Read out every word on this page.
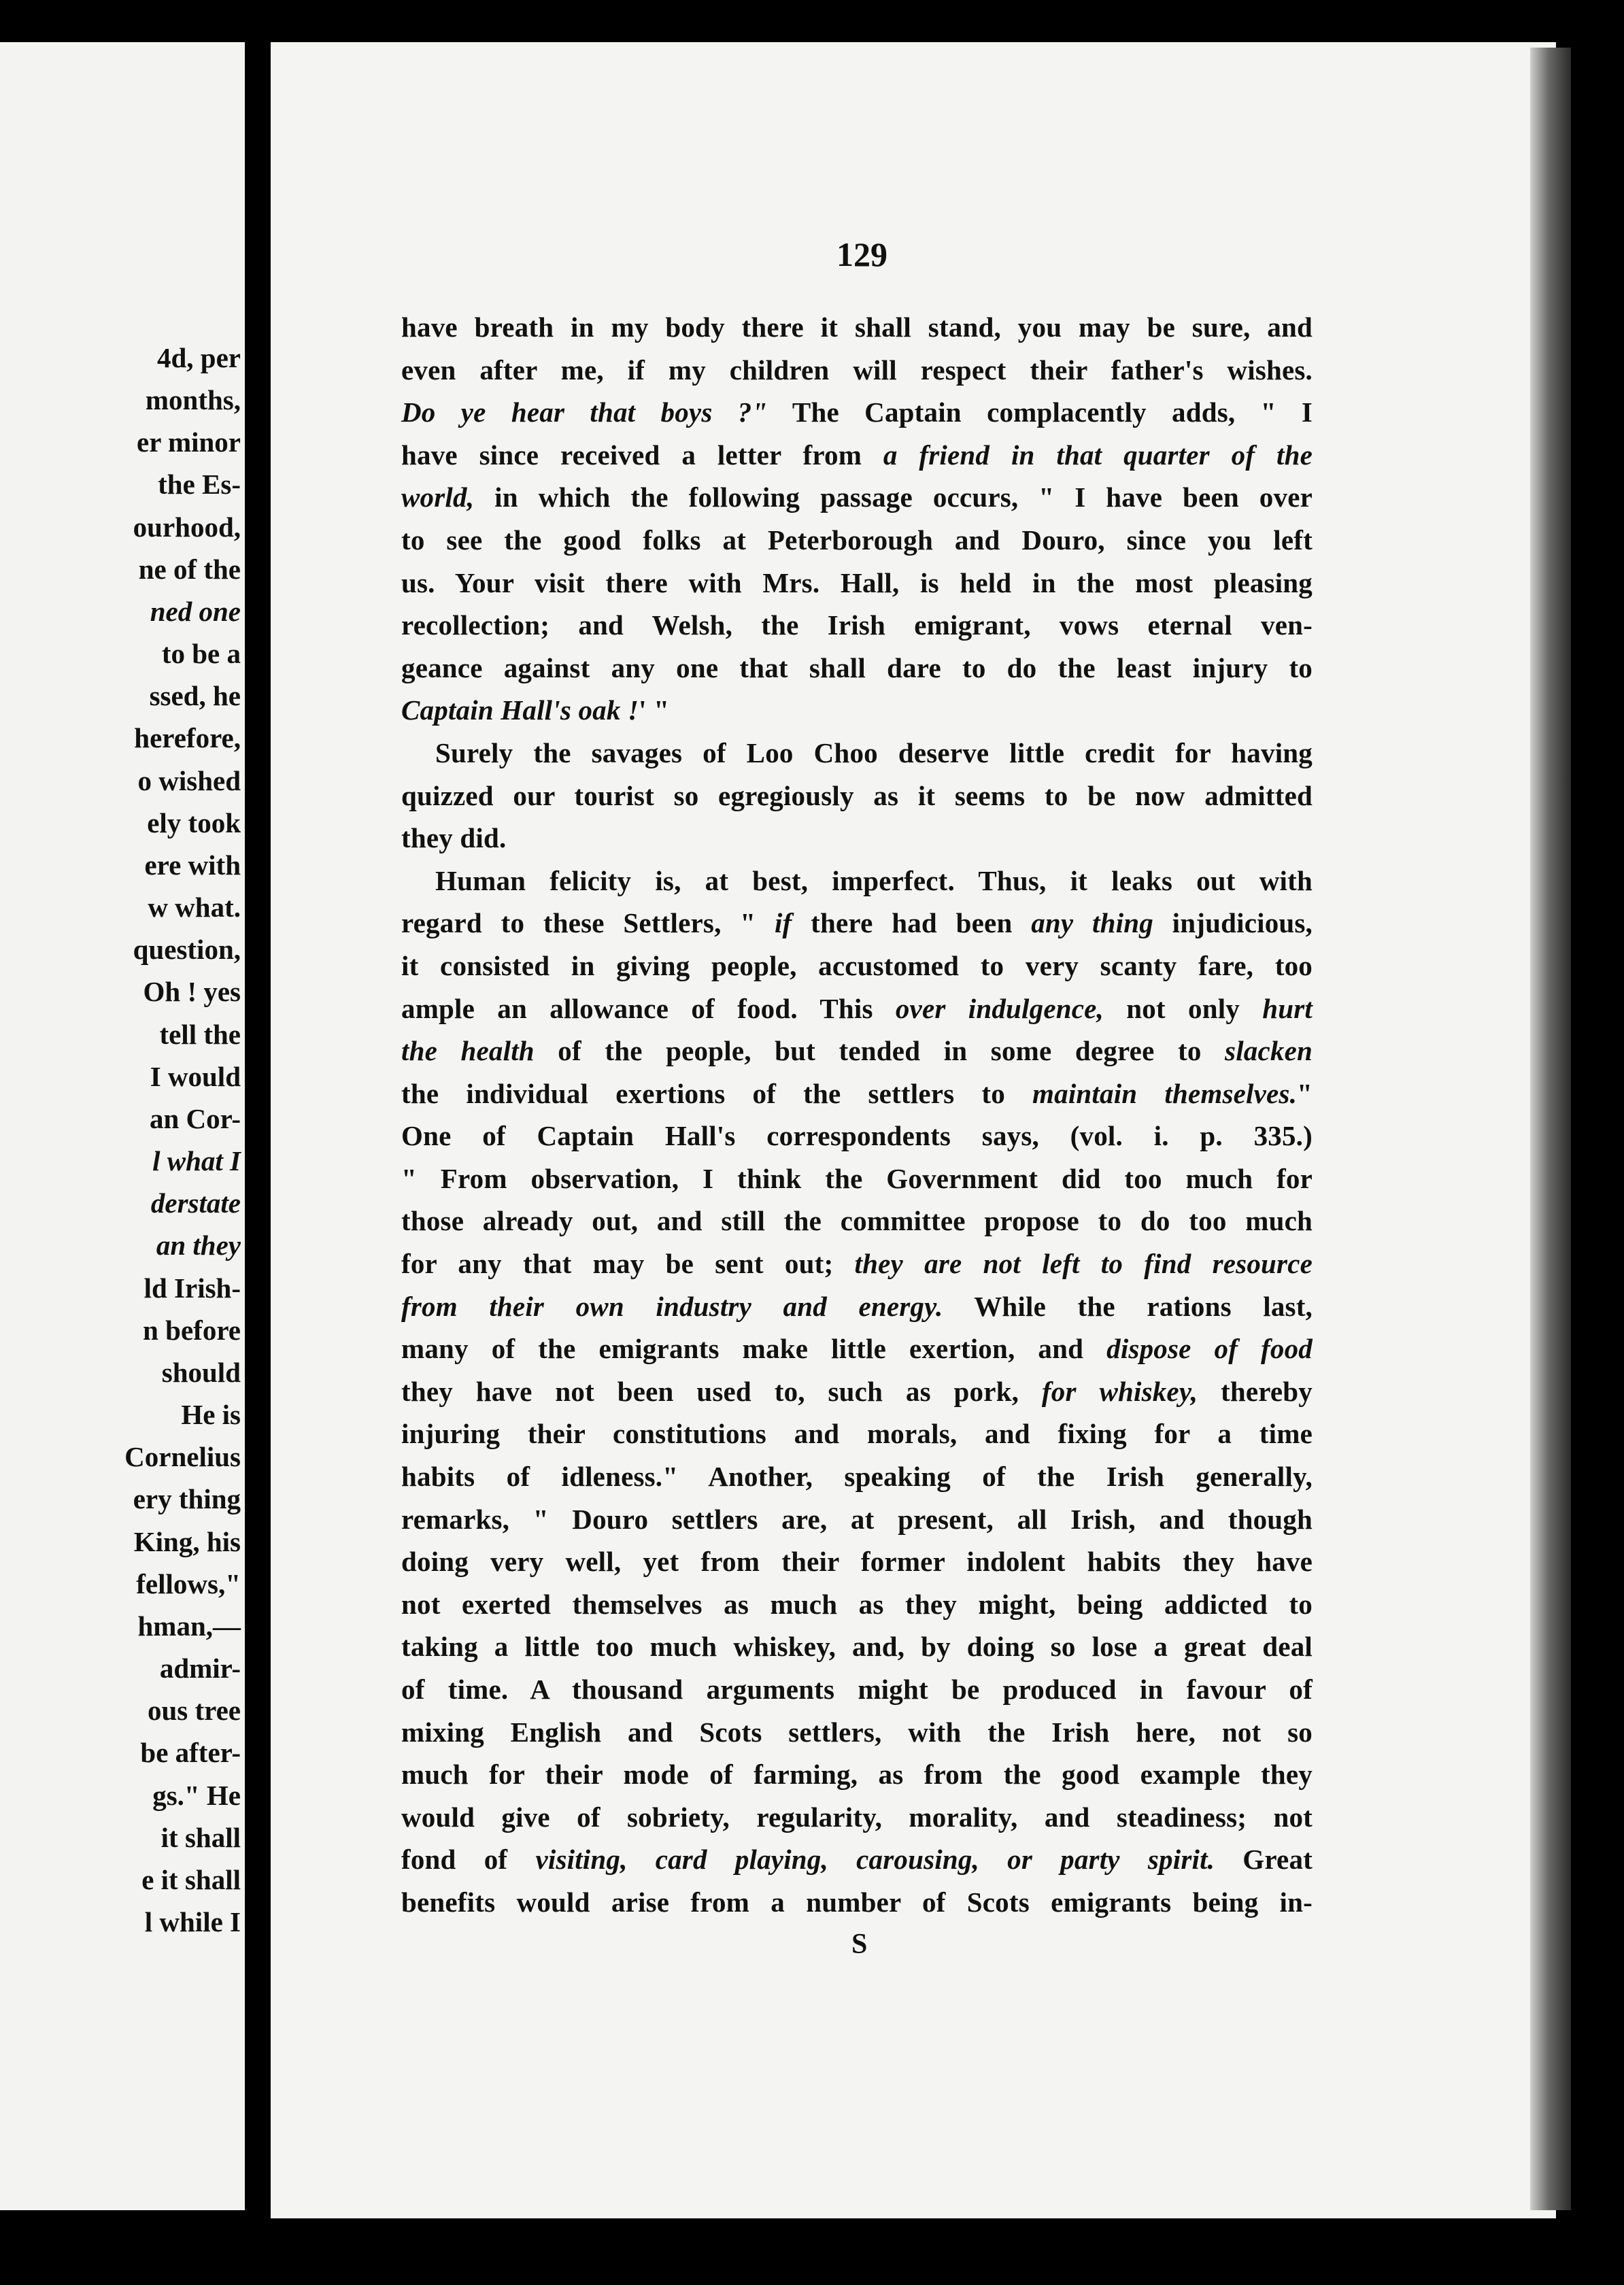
4d, per
months,
er minor
the Es-
ourhood,
ne of the
ned one
to be a
ssed, he
herefore,
o wished
ely took
ere with
w what.
question,
Oh ! yes
tell the
I would
an Cor-
l what I
derstate
an they
ld Irish-
n before
should
He is
Cornelius
ery thing
King, his
fellows,"
hman,—
admir-
ous tree
be after-
gs." He
it shall
e it shall
l while I
129
have breath in my body there it shall stand, you may be sure, and
even after me, if my children will respect their father's wishes.
Do ye hear that boys ?" The Captain complacently adds, " I
have since received a letter from a friend in that quarter of the
world, in which the following passage occurs, " I have been over
to see the good folks at Peterborough and Douro, since you left
us. Your visit there with Mrs. Hall, is held in the most pleasing
recollection; and Welsh, the Irish emigrant, vows eternal ven-
geance against any one that shall dare to do the least injury to
Captain Hall's oak !' "
Surely the savages of Loo Choo deserve little credit for having
quizzed our tourist so egregiously as it seems to be now admitted
they did.
Human felicity is, at best, imperfect. Thus, it leaks out with
regard to these Settlers, " if there had been any thing injudicious,
it consisted in giving people, accustomed to very scanty fare, too
ample an allowance of food. This over indulgence, not only hurt
the health of the people, but tended in some degree to slacken
the individual exertions of the settlers to maintain themselves."
One of Captain Hall's correspondents says, (vol. i. p. 335.)
" From observation, I think the Government did too much for
those already out, and still the committee propose to do too much
for any that may be sent out; they are not left to find resource
from their own industry and energy. While the rations last,
many of the emigrants make little exertion, and dispose of food
they have not been used to, such as pork, for whiskey, thereby
injuring their constitutions and morals, and fixing for a time
habits of idleness." Another, speaking of the Irish generally,
remarks, " Douro settlers are, at present, all Irish, and though
doing very well, yet from their former indolent habits they have
not exerted themselves as much as they might, being addicted to
taking a little too much whiskey, and, by doing so lose a great deal
of time. A thousand arguments might be produced in favour of
mixing English and Scots settlers, with the Irish here, not so
much for their mode of farming, as from the good example they
would give of sobriety, regularity, morality, and steadiness; not
fond of visiting, card playing, carousing, or party spirit. Great
benefits would arise from a number of Scots emigrants being in-
S
